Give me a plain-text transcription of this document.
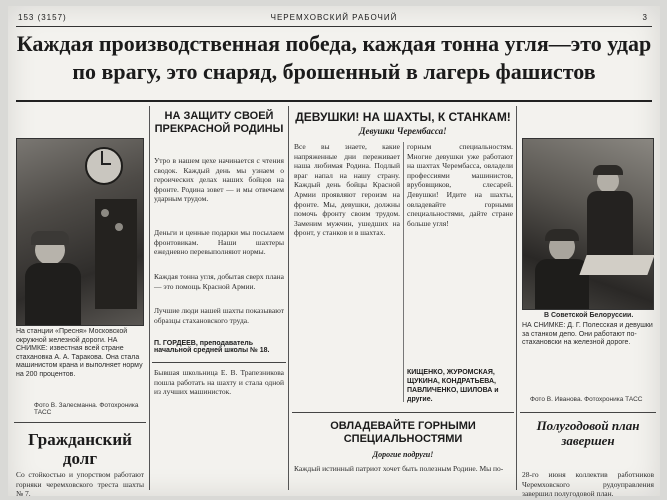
153 (3157)	ЧЕРЕМХОВСКИЙ РАБОЧИЙ	3
Каждая производственная победа, каждая тонна угля—это удар по врагу, это снаряд, брошенный в лагерь фашистов
На станции «Пресня» Московской окружной железной дороги. НА СНИМКЕ: известная всей стране стахановка А. А. Таракова. Она стала машинистом крана и выполняет норму на 200 процентов.
Фото В. Залесманна. Фотохроника ТАСС
Гражданский долг
Со стойкостью и упорством работают горняки черемховского треста шахты № 7.
НА ЗАЩИТУ СВОЕЙ ПРЕКРАСНОЙ РОДИНЫ
Утро в нашем цехе начинается с чтения сводок. Каждый день мы узнаем о героических делах наших бойцов на фронте. Родина зовет — и мы отвечаем ударным трудом.
Деньги и ценные подарки мы посылаем фронтовикам. Наши шахтеры ежедневно перевыполняют нормы.
Каждая тонна угля, добытая сверх плана — это помощь Красной Армии.
Лучшие люди нашей шахты показывают образцы стахановского труда.
П. ГОРДЕЕВ, преподаватель начальной средней школы № 18.
Бывшая школьница Е. В. Трапезникова пошла работать на шахту и стала одной из лучших машинисток.
ДЕВУШКИ! НА ШАХТЫ, К СТАНКАМ!
Девушки Черембасса!
Все вы знаете, какие напряженные дни переживает наша любимая Родина. Подлый враг напал на нашу страну. Каждый день бойцы Красной Армии проявляют героизм на фронте. Мы, девушки, должны помочь фронту своим трудом. Заменим мужчин, ушедших на фронт, у станков и в шахтах.
горным специальностям. Многие девушки уже работают на шахтах Черембасса, овладели профессиями машинистов, врубовщиков, слесарей. Девушки! Идите на шахты, овладевайте горными специальностями, дайте стране больше угля!
КИЩЕНКО, ЖУРОМСКАЯ, ЩУКИНА, КОНДРАТЬЕВА, ПАВЛИЧЕНКО, ШИЛОВА и другие.
ОВЛАДЕВАЙТЕ ГОРНЫМИ СПЕЦИАЛЬНОСТЯМИ
Дорогие подруги!
Каждый истинный патриот хочет быть полезным Родине. Мы по-
В Советской Белоруссии.
НА СНИМКЕ: Д. Г. Полесская и девушки за станком депо. Они работают по-стахановски на железной дороге.
Фото В. Иванова. Фотохроника ТАСС
Полугодовой план завершен
28-го июня коллектив работников Черемховского рудоуправления завершил полугодовой план.
